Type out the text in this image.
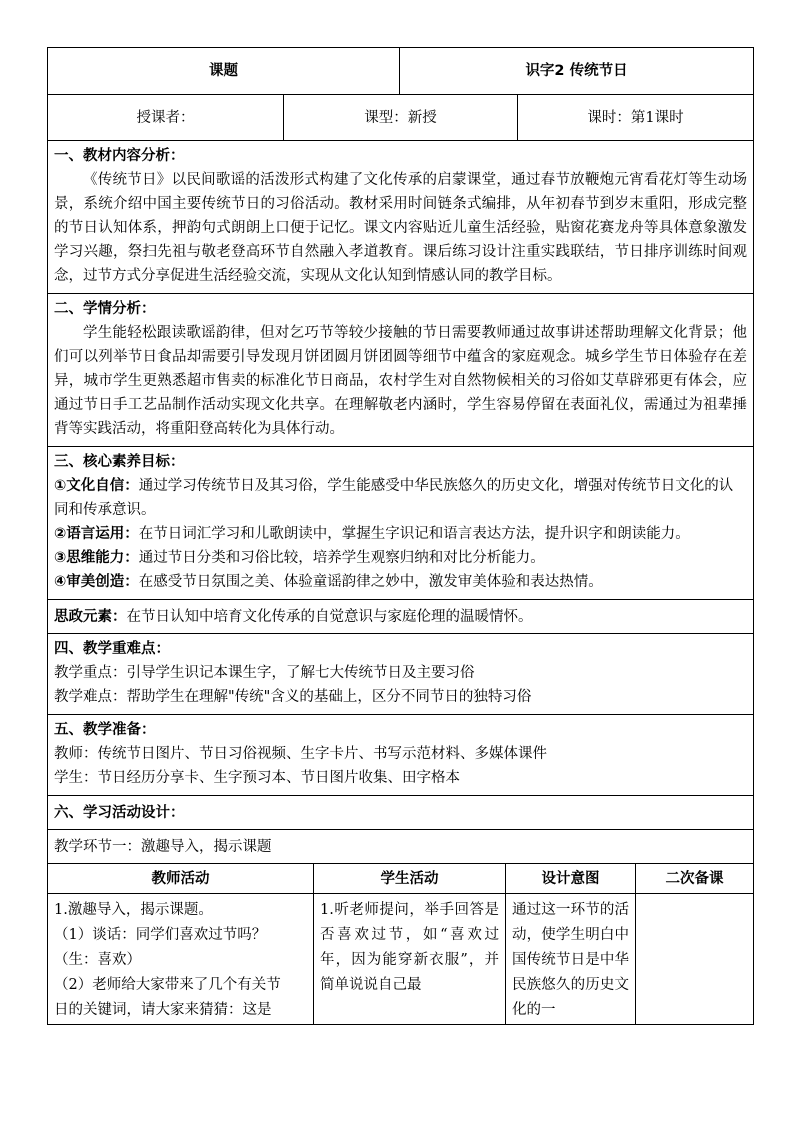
课题		识字2 传统节日	
授课者：	课型：新授		课时：第1课时

一、教材内容分析：
《传统节日》以民间歌谣的活泼形式构建了文化传承的启蒙课堂，通过春节放鞭炮元宵看花灯等生动场景，系统介绍中国主要传统节日的习俗活动。教材采用时间链条式编排，从年初春节到岁末重阳，形成完整的节日认知体系，押韵句式朗朗上口便于记忆。课文内容贴近儿童生活经验，贴窗花赛龙舟等具体意象激发学习兴趣，祭扫先祖与敬老登高环节自然融入孝道教育。课后练习设计注重实践联结，节日排序训练时间观念，过节方式分享促进生活经验交流，实现从文化认知到情感认同的教学目标。			

二、学情分析：
学生能轻松跟读歌谣韵律，但对乞巧节等较少接触的节日需要教师通过故事讲述帮助理解文化背景；他们可以列举节日食品却需要引导发现月饼团圆月饼团圆等细节中蕴含的家庭观念。城乡学生节日体验存在差异，城市学生更熟悉超市售卖的标准化节日商品，农村学生对自然物候相关的习俗如艾草辟邪更有体会，应通过节日手工艺品制作活动实现文化共享。在理解敬老内涵时，学生容易停留在表面礼仪，需通过为祖辈捶背等实践活动，将重阳登高转化为具体行动。			

三、核心素养目标：
①文化自信：通过学习传统节日及其习俗，学生能感受中华民族悠久的历史文化，增强对传统节日文化的认同和传承意识。
②语言运用：在节日词汇学习和儿歌朗读中，掌握生字识记和语言表达方法，提升识字和朗读能力。
③思维能力：通过节日分类和习俗比较，培养学生观察归纳和对比分析能力。
④审美创造：在感受节日氛围之美、体验童谣韵律之妙中，激发审美体验和表达热情。			

思政元素：在节日认知中培育文化传承的自觉意识与家庭伦理的温暖情怀。			

四、教学重难点：
教学重点：引导学生识记本课生字，了解七大传统节日及主要习俗
教学难点：帮助学生在理解"传统"含义的基础上，区分不同节日的独特习俗			

五、教学准备：
教师：传统节日图片、节日习俗视频、生字卡片、书写示范材料、多媒体课件
学生：节日经历分享卡、生字预习本、节日图片收集、田字格本			

六、学习活动设计：			
教学环节一：激趣导入，揭示课题			
教师活动	学生活动	设计意图	二次备课

1.激趣导入，揭示课题。
（1）谈话：同学们喜欢过节吗？
（生：喜欢）
（2）老师给大家带来了几个有关节
日的关键词，请大家来猜猜：这是	1.听老师提问，举手回答是否喜欢过节，如“喜欢过年，因为能穿新衣服”，并简单说说自己最	通过这一环节的活动，使学生明白中国传统节日是中华民族悠久的历史文化的一	
